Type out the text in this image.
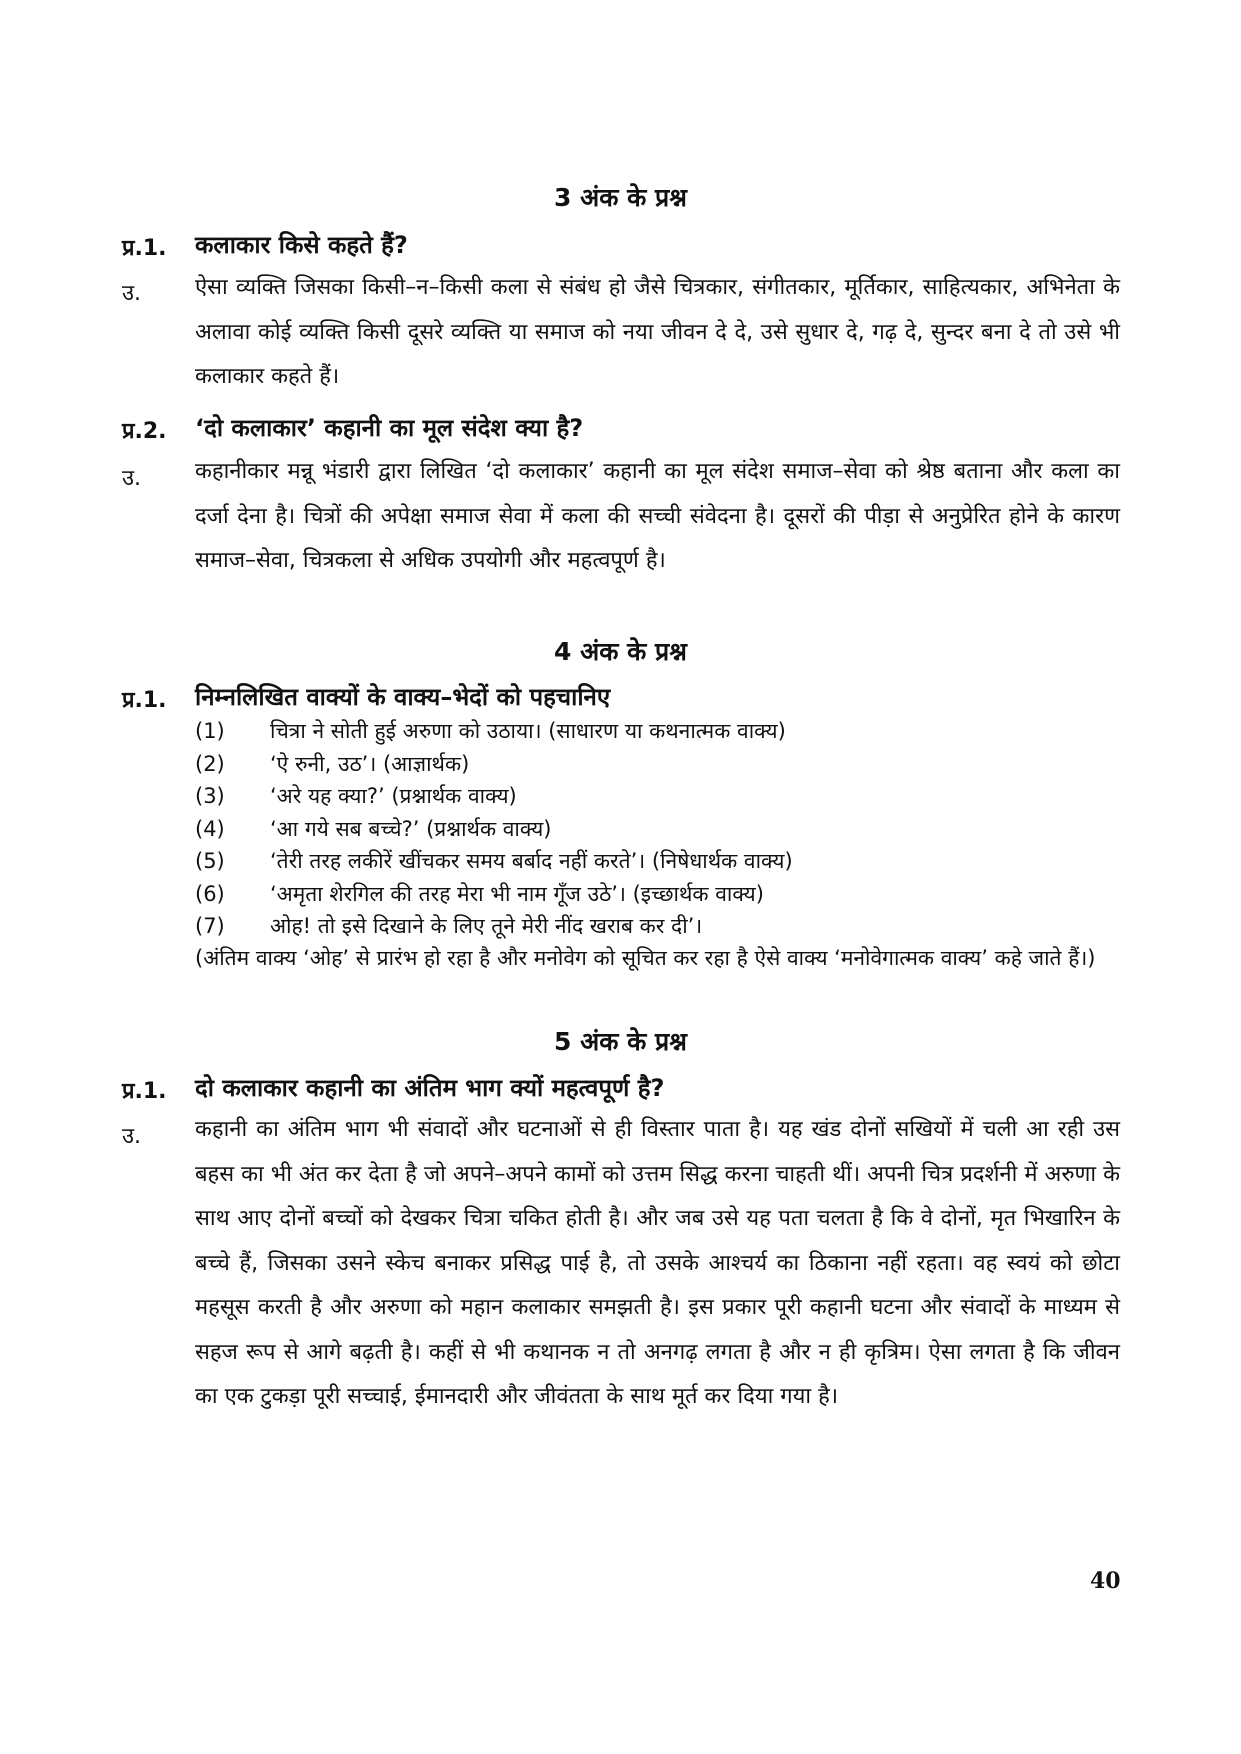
3 अंक के प्रश्न
प्र.1. कलाकार किसे कहते हैं?
उ. ऐसा व्यक्ति जिसका किसी–न–किसी कला से संबंध हो जैसे चित्रकार, संगीतकार, मूर्तिकार, साहित्यकार, अभिनेता के अलावा कोई व्यक्ति किसी दूसरे व्यक्ति या समाज को नया जीवन दे दे, उसे सुधार दे, गढ़ दे, सुन्दर बना दे तो उसे भी कलाकार कहते हैं।
प्र.2. ‘दो कलाकार’ कहानी का मूल संदेश क्या है?
उ. कहानीकार मन्नू भंडारी द्वारा लिखित ‘दो कलाकार’ कहानी का मूल संदेश समाज–सेवा को श्रेष्ठ बताना और कला का दर्जा देना है। चित्रों की अपेक्षा समाज सेवा में कला की सच्ची संवेदना है। दूसरों की पीड़ा से अनुप्रेरित होने के कारण समाज–सेवा, चित्रकला से अधिक उपयोगी और महत्वपूर्ण है।
4 अंक के प्रश्न
प्र.1. निम्नलिखित वाक्यों के वाक्य–भेदों को पहचानिए
(1) चित्रा ने सोती हुई अरुणा को उठाया। (साधारण या कथनात्मक वाक्य)
(2) ‘ऐ रुनी, उठ’। (आज्ञार्थक)
(3) ‘अरे यह क्या?’ (प्रश्नार्थक वाक्य)
(4) ‘आ गये सब बच्चे?’ (प्रश्नार्थक वाक्य)
(5) ‘तेरी तरह लकीरें खींचकर समय बर्बाद नहीं करते’। (निषेधार्थक वाक्य)
(6) ‘अमृता शेरगिल की तरह मेरा भी नाम गूँज उठे’। (इच्छार्थक वाक्य)
(7) ओह! तो इसे दिखाने के लिए तूने मेरी नींद खराब कर दी’।
(अंतिम वाक्य ‘ओह’ से प्रारंभ हो रहा है और मनोवेग को सूचित कर रहा है ऐसे वाक्य ‘मनोवेगात्मक वाक्य’ कहे जाते हैं।)
5 अंक के प्रश्न
प्र.1. दो कलाकार कहानी का अंतिम भाग क्यों महत्वपूर्ण है?
उ. कहानी का अंतिम भाग भी संवादों और घटनाओं से ही विस्तार पाता है। यह खंड दोनों सखियों में चली आ रही उस बहस का भी अंत कर देता है जो अपने–अपने कामों को उत्तम सिद्ध करना चाहती थीं। अपनी चित्र प्रदर्शनी में अरुणा के साथ आए दोनों बच्चों को देखकर चित्रा चकित होती है। और जब उसे यह पता चलता है कि वे दोनों, मृत भिखारिन के बच्चे हैं, जिसका उसने स्केच बनाकर प्रसिद्ध पाई है, तो उसके आश्चर्य का ठिकाना नहीं रहता। वह स्वयं को छोटा महसूस करती है और अरुणा को महान कलाकार समझती है। इस प्रकार पूरी कहानी घटना और संवादों के माध्यम से सहज रूप से आगे बढ़ती है। कहीं से भी कथानक न तो अनगढ़ लगता है और न ही कृत्रिम। ऐसा लगता है कि जीवन का एक टुकड़ा पूरी सच्चाई, ईमानदारी और जीवंतता के साथ मूर्त कर दिया गया है।
40
